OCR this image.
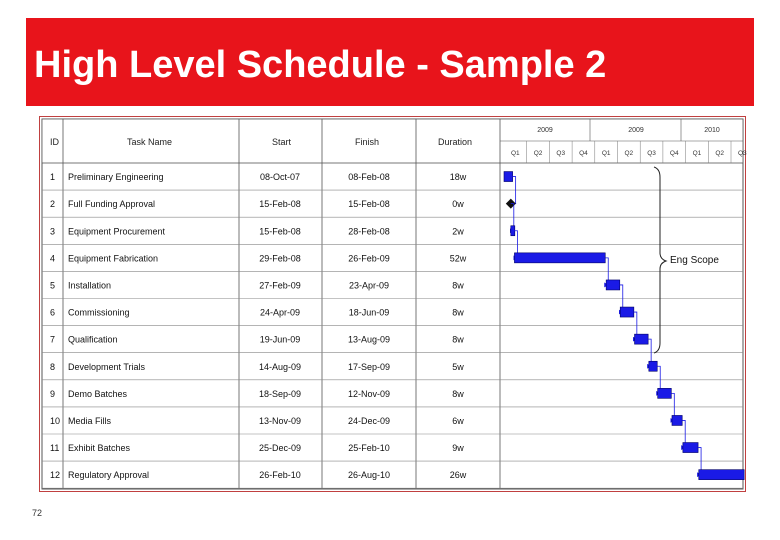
High Level Schedule - Sample 2
ID	Task Name	Start	Finish	Duration
2009	2009	2010
Q1 Q2 Q3 Q4 Q1 Q2 Q3 Q4 Q1 Q2 Q3
1 Preliminary Engineering	08-Oct-07	08-Feb-08	18w
2 Full Funding Approval	15-Feb-08	15-Feb-08	0w
3 Equipment Procurement	15-Feb-08	28-Feb-08	2w
4 Equipment Fabrication	29-Feb-08	26-Feb-09	52w
5 Installation	27-Feb-09	23-Apr-09	8w
6 Commissioning	24-Apr-09	18-Jun-09	8w
7 Qualification	19-Jun-09	13-Aug-09	8w
8 Development Trials	14-Aug-09	17-Sep-09	5w
9 Demo Batches	18-Sep-09	12-Nov-09	8w
10 Media Fills	13-Nov-09	24-Dec-09	6w
11 Exhibit Batches	25-Dec-09	25-Feb-10	9w
12 Regulatory Approval	26-Feb-10	26-Aug-10	26w
Eng Scope
72
